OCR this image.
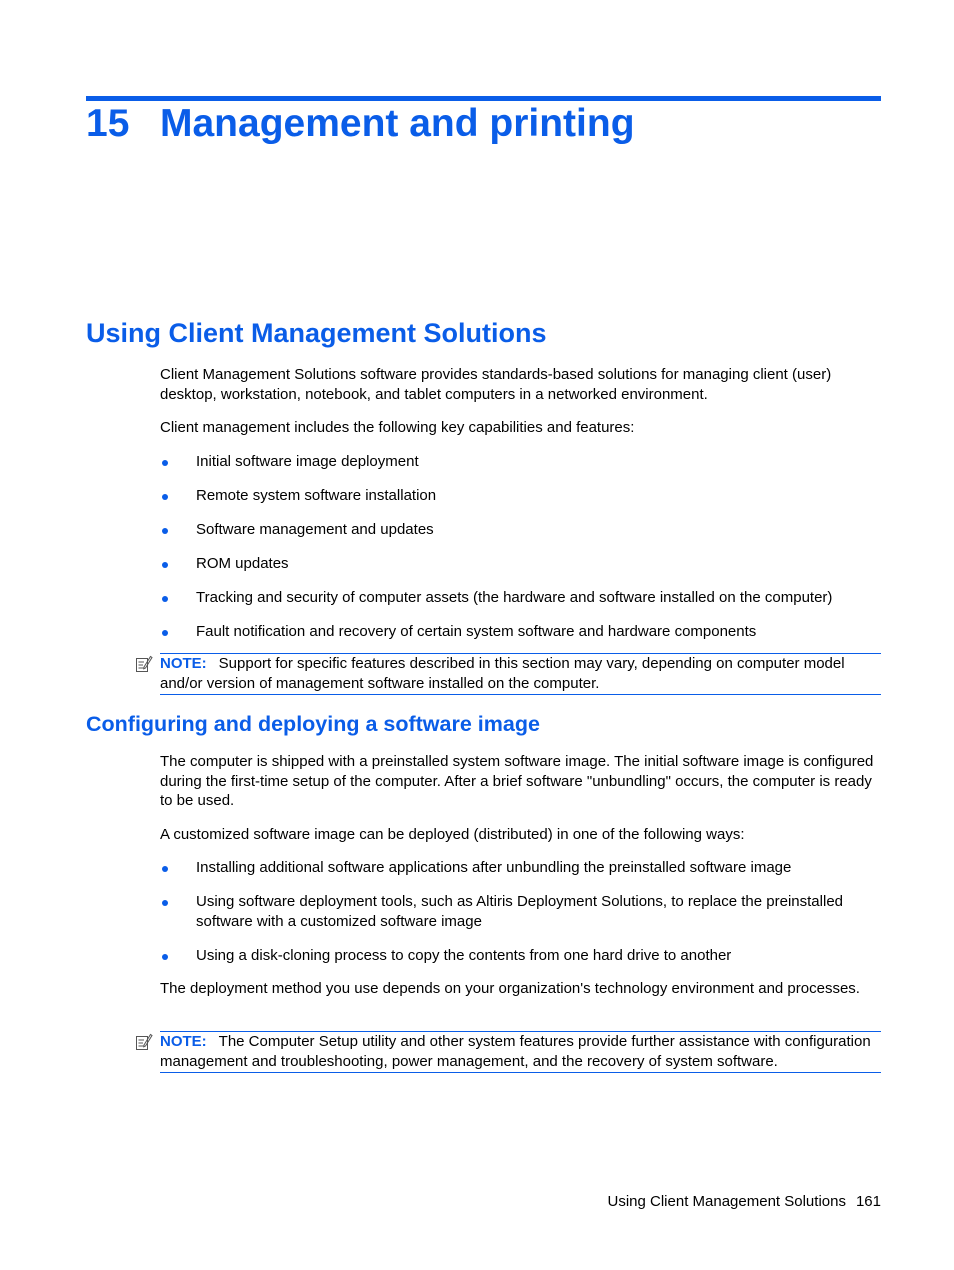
15 Management and printing
Using Client Management Solutions

Client Management Solutions software provides standards-based solutions for managing client (user) desktop, workstation, notebook, and tablet computers in a networked environment.

Client management includes the following key capabilities and features:

Initial software image deployment
Remote system software installation
Software management and updates
ROM updates
Tracking and security of computer assets (the hardware and software installed on the computer)
Fault notification and recovery of certain system software and hardware components

NOTE: Support for specific features described in this section may vary, depending on computer model and/or version of management software installed on the computer.

Configuring and deploying a software image

The computer is shipped with a preinstalled system software image. The initial software image is configured during the first-time setup of the computer. After a brief software "unbundling" occurs, the computer is ready to be used.

A customized software image can be deployed (distributed) in one of the following ways:

Installing additional software applications after unbundling the preinstalled software image
Using software deployment tools, such as Altiris Deployment Solutions, to replace the preinstalled software with a customized software image
Using a disk-cloning process to copy the contents from one hard drive to another

The deployment method you use depends on your organization's technology environment and processes.

NOTE: The Computer Setup utility and other system features provide further assistance with configuration management and troubleshooting, power management, and the recovery of system software.

Using Client Management Solutions 161
